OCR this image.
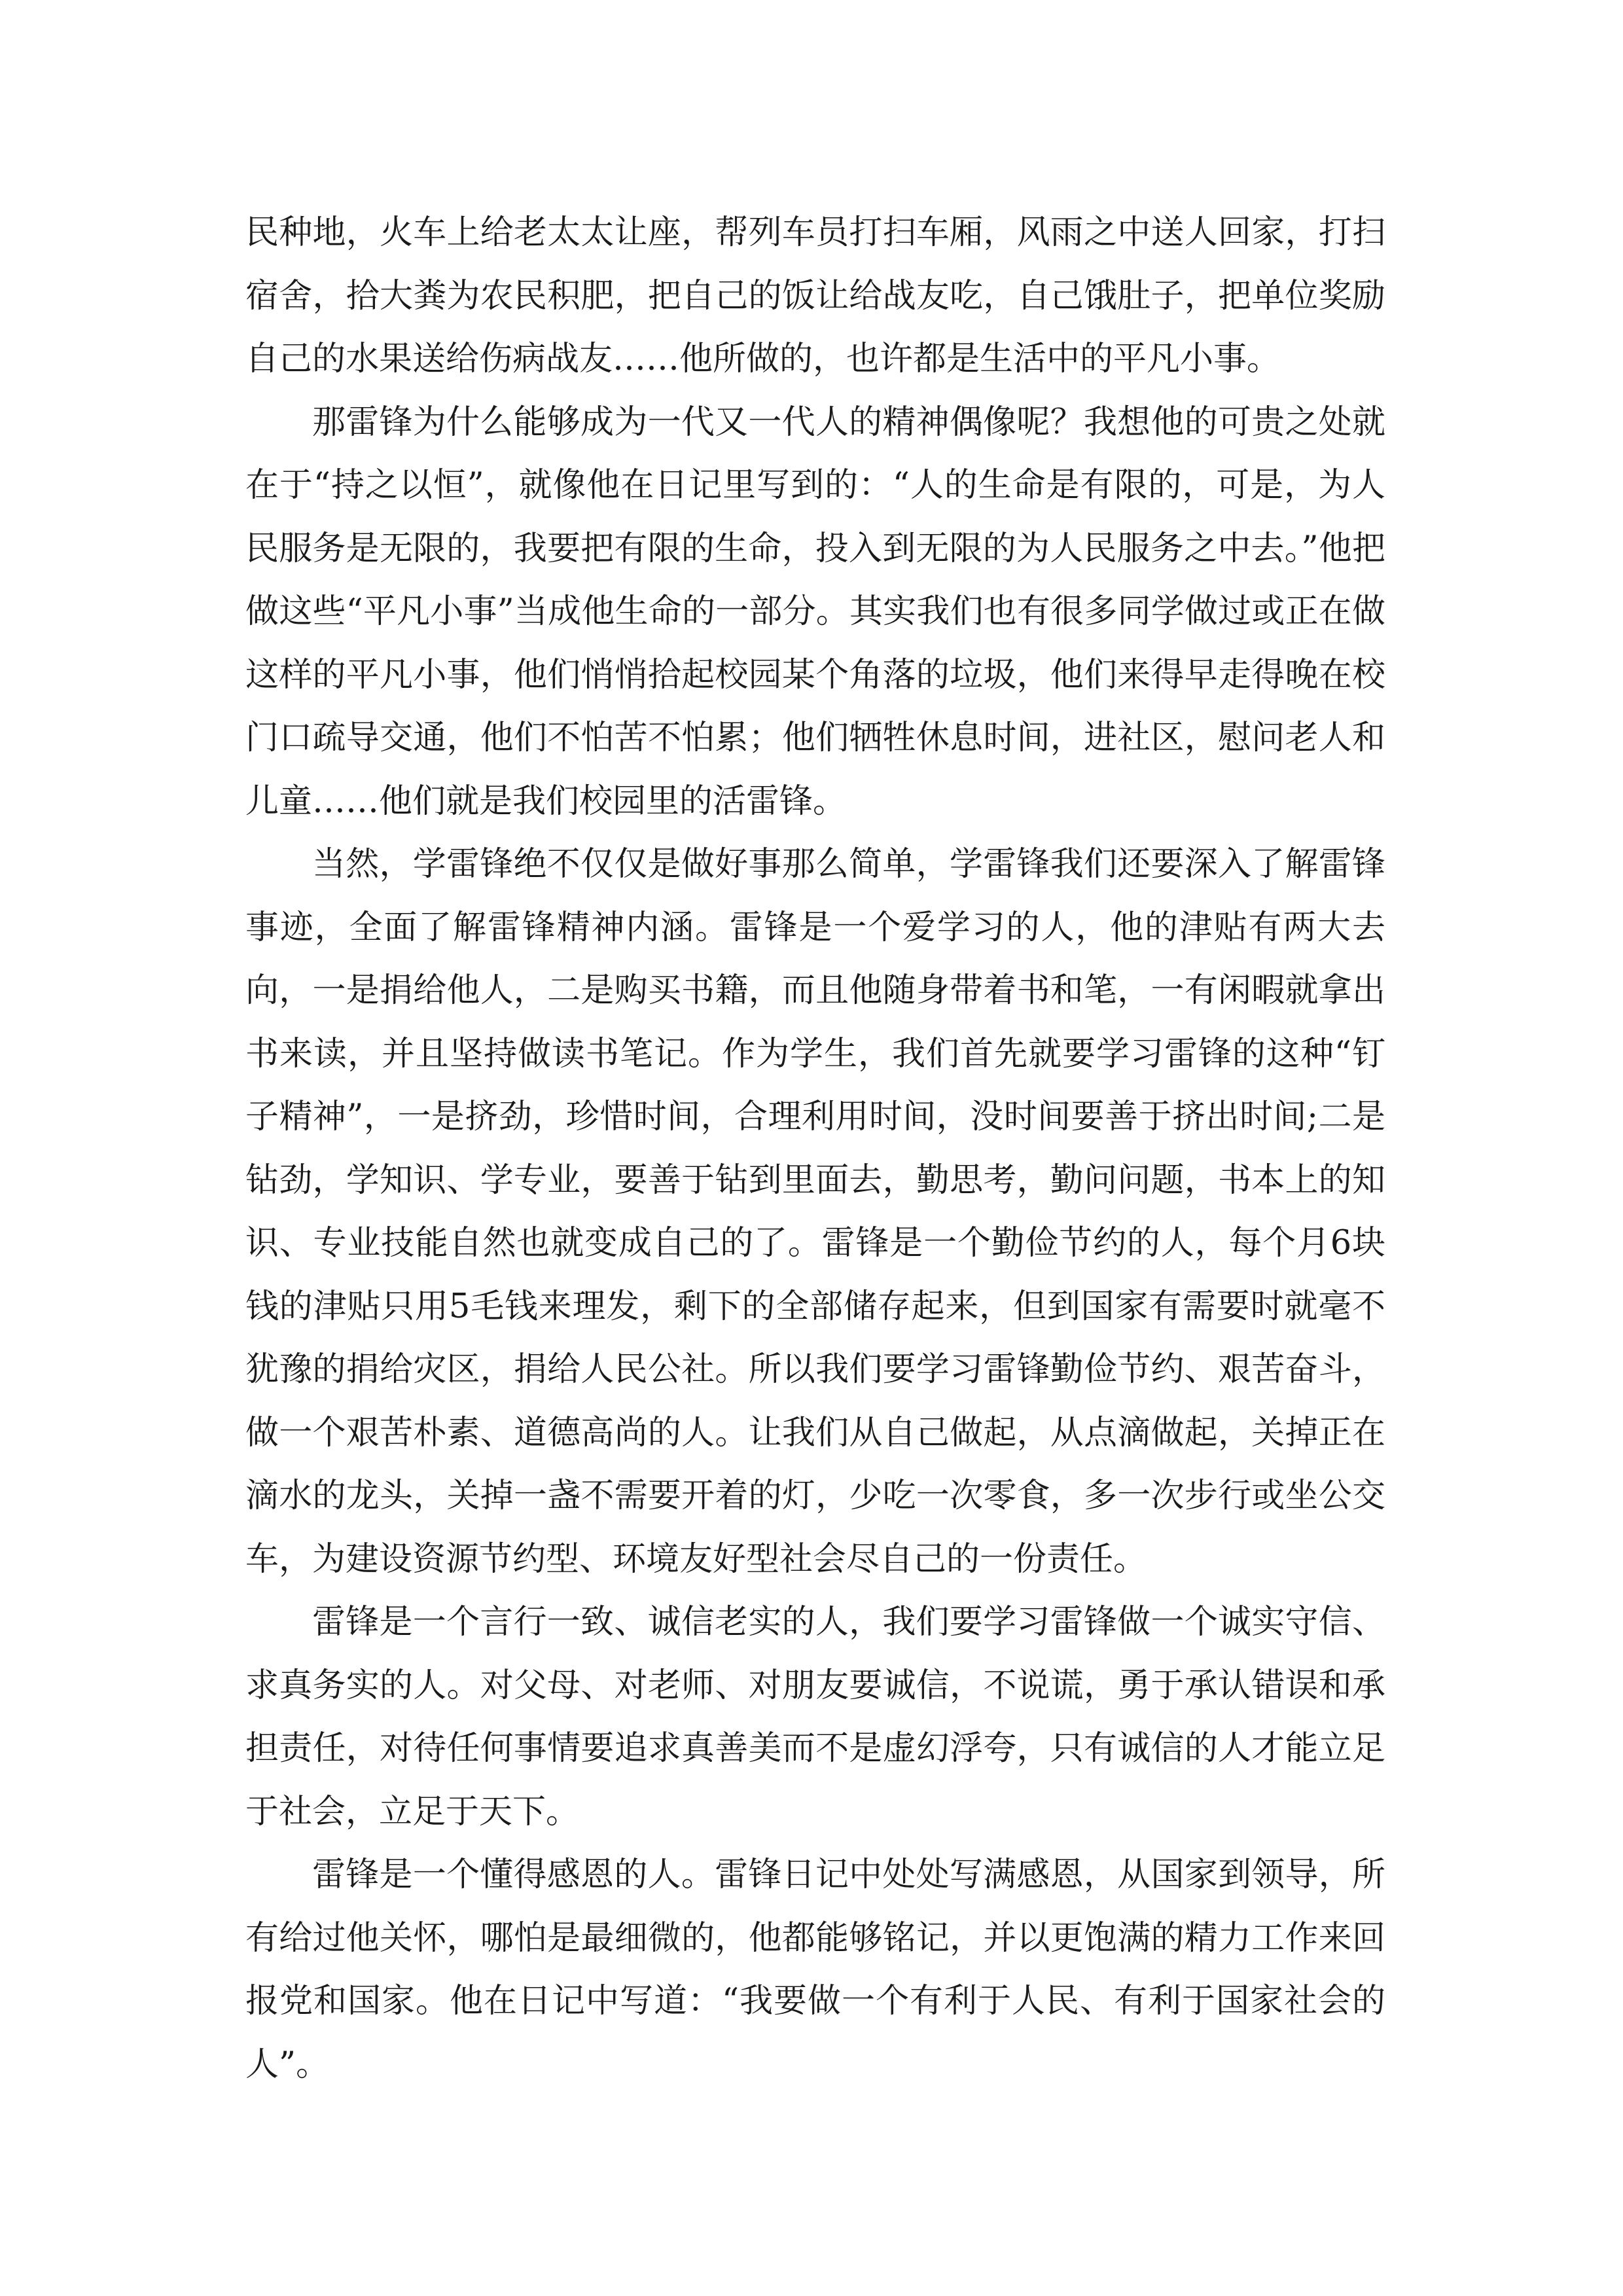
民种地，火车上给老太太让座，帮列车员打扫车厢，风雨之中送人回家，打扫宿舍，拾大粪为农民积肥，把自己的饭让给战友吃，自己饿肚子，把单位奖励自己的水果送给伤病战友……他所做的，也许都是生活中的平凡小事。

那雷锋为什么能够成为一代又一代人的精神偶像呢？我想他的可贵之处就在于“持之以恒”，就像他在日记里写到的：“人的生命是有限的，可是，为人民服务是无限的，我要把有限的生命，投入到无限的为人民服务之中去。”他把做这些“平凡小事”当成他生命的一部分。其实我们也有很多同学做过或正在做这样的平凡小事，他们悄悄拾起校园某个角落的垃圾，他们来得早走得晚在校门口疏导交通，他们不怕苦不怕累；他们牺牲休息时间，进社区，慰问老人和儿童……他们就是我们校园里的活雷锋。

当然，学雷锋绝不仅仅是做好事那么简单，学雷锋我们还要深入了解雷锋事迹，全面了解雷锋精神内涵。雷锋是一个爱学习的人，他的津贴有两大去向，一是捐给他人，二是购买书籍，而且他随身带着书和笔，一有闲暇就拿出书来读，并且坚持做读书笔记。作为学生，我们首先就要学习雷锋的这种“钉子精神”，一是挤劲，珍惜时间，合理利用时间，没时间要善于挤出时间;二是钻劲，学知识、学专业，要善于钻到里面去，勤思考，勤问问题，书本上的知识、专业技能自然也就变成自己的了。雷锋是一个勤俭节约的人，每个月6块钱的津贴只用5毛钱来理发，剩下的全部储存起来，但到国家有需要时就毫不犹豫的捐给灾区，捐给人民公社。所以我们要学习雷锋勤俭节约、艰苦奋斗，做一个艰苦朴素、道德高尚的人。让我们从自己做起，从点滴做起，关掉正在滴水的龙头，关掉一盏不需要开着的灯，少吃一次零食，多一次步行或坐公交车，为建设资源节约型、环境友好型社会尽自己的一份责任。

雷锋是一个言行一致、诚信老实的人，我们要学习雷锋做一个诚实守信、求真务实的人。对父母、对老师、对朋友要诚信，不说谎，勇于承认错误和承担责任，对待任何事情要追求真善美而不是虚幻浮夸，只有诚信的人才能立足于社会，立足于天下。

雷锋是一个懂得感恩的人。雷锋日记中处处写满感恩，从国家到领导，所有给过他关怀，哪怕是最细微的，他都能够铭记，并以更饱满的精力工作来回报党和国家。他在日记中写道：“我要做一个有利于人民、有利于国家社会的人”。
